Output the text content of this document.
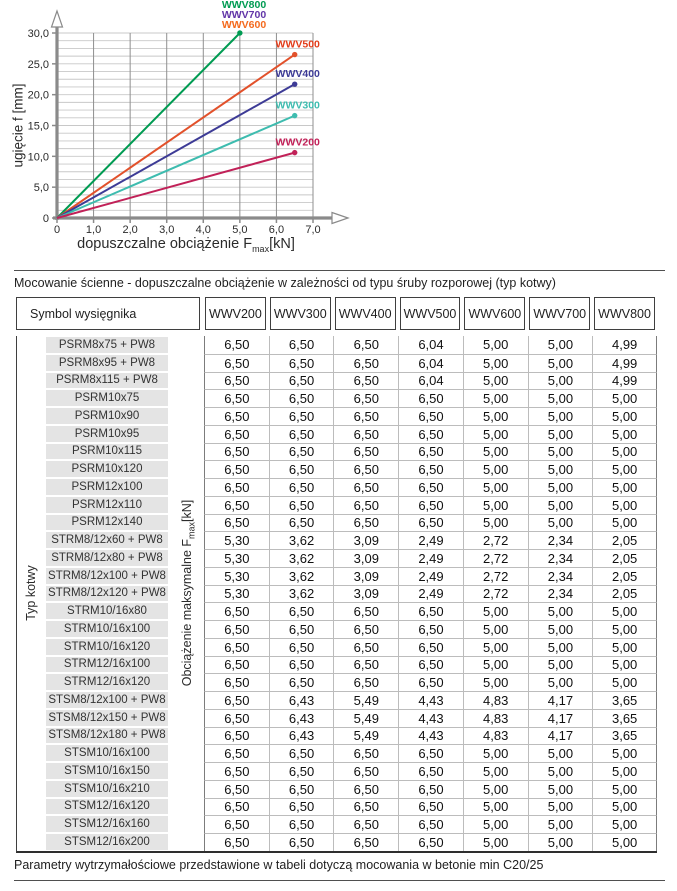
0 1,0 2,0 3,0 4,0 5,0 6,0 7,0
0
5,0
10,0
15,0
20,0
25,0
30,0
WWV800
WWV700
WWV600
WWV500
WWV400
WWV300
WWV200
ugięcie f [mm]
dopuszczalne obciążenie $F_{max}[kN]$
Mocowanie ścienne - dopuszczalne obciążenie w zależności od typu śruby rozporowej (typ kotwy)
Symbol wysięgnika	WWV200 WWV300 WWV400 WWV500 WWV600 WWV700 WWV800
Typ kotwy	Obciążenie maksymalne $F_{max}[kN]$
PSRM8x75 + PW8	6,50	6,50	6,50	6,04	5,00	5,00	4,99
PSRM8x95 + PW8	6,50	6,50	6,50	6,04	5,00	5,00	4,99
PSRM8x115 + PW8	6,50	6,50	6,50	6,04	5,00	5,00	4,99
PSRM10x75	6,50	6,50	6,50	6,50	5,00	5,00	5,00
PSRM10x90	6,50	6,50	6,50	6,50	5,00	5,00	5,00
PSRM10x95	6,50	6,50	6,50	6,50	5,00	5,00	5,00
PSRM10x115	6,50	6,50	6,50	6,50	5,00	5,00	5,00
PSRM10x120	6,50	6,50	6,50	6,50	5,00	5,00	5,00
PSRM12x100	6,50	6,50	6,50	6,50	5,00	5,00	5,00
PSRM12x110	6,50	6,50	6,50	6,50	5,00	5,00	5,00
PSRM12x140	6,50	6,50	6,50	6,50	5,00	5,00	5,00
STRM8/12x60 + PW8	5,30	3,62	3,09	2,49	2,72	2,34	2,05
STRM8/12x80 + PW8	5,30	3,62	3,09	2,49	2,72	2,34	2,05
STRM8/12x100 + PW8	5,30	3,62	3,09	2,49	2,72	2,34	2,05
STRM8/12x120 + PW8	5,30	3,62	3,09	2,49	2,72	2,34	2,05
STRM10/16x80	6,50	6,50	6,50	6,50	5,00	5,00	5,00
STRM10/16x100	6,50	6,50	6,50	6,50	5,00	5,00	5,00
STRM10/16x120	6,50	6,50	6,50	6,50	5,00	5,00	5,00
STRM12/16x100	6,50	6,50	6,50	6,50	5,00	5,00	5,00
STRM12/16x120	6,50	6,50	6,50	6,50	5,00	5,00	5,00
STSM8/12x100 + PW8	6,50	6,43	5,49	4,43	4,83	4,17	3,65
STSM8/12x150 + PW8	6,50	6,43	5,49	4,43	4,83	4,17	3,65
STSM8/12x180 + PW8	6,50	6,43	5,49	4,43	4,83	4,17	3,65
STSM10/16x100	6,50	6,50	6,50	6,50	5,00	5,00	5,00
STSM10/16x150	6,50	6,50	6,50	6,50	5,00	5,00	5,00
STSM10/16x210	6,50	6,50	6,50	6,50	5,00	5,00	5,00
STSM12/16x120	6,50	6,50	6,50	6,50	5,00	5,00	5,00
STSM12/16x160	6,50	6,50	6,50	6,50	5,00	5,00	5,00
STSM12/16x200	6,50	6,50	6,50	6,50	5,00	5,00	5,00
Parametry wytrzymałościowe przedstawione w tabeli dotyczą mocowania w betonie min C20/25
